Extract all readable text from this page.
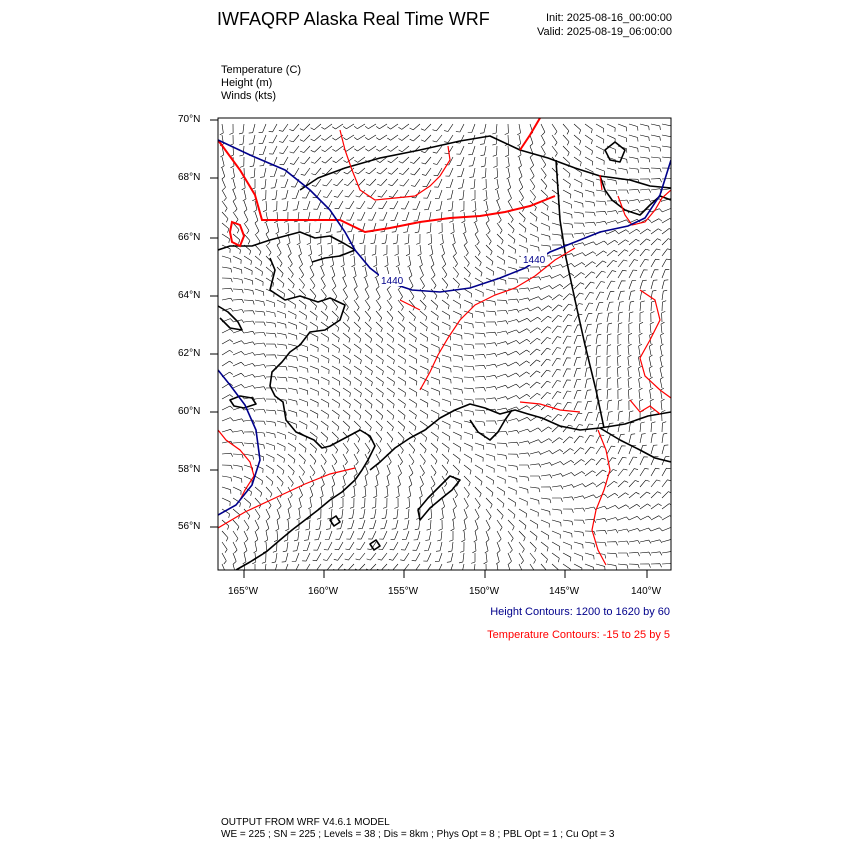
IWFAQRP Alaska Real Time WRF	Init: 2025-08-16_00:00:00
Valid: 2025-08-19_06:00:00
Temperature (C)
Height (m)
Winds (kts)
1440
1440
70°N
68°N
66°N
64°N
62°N
60°N
58°N
56°N
165°W	160°W	155°W	150°W	145°W	140°W
Height Contours: 1200 to 1620 by 60
Temperature Contours: -15 to 25 by 5
OUTPUT FROM WRF V4.6.1 MODEL
WE = 225 ; SN = 225 ; Levels = 38 ; Dis = 8km ; Phys Opt = 8 ; PBL Opt = 1 ; Cu Opt = 3
